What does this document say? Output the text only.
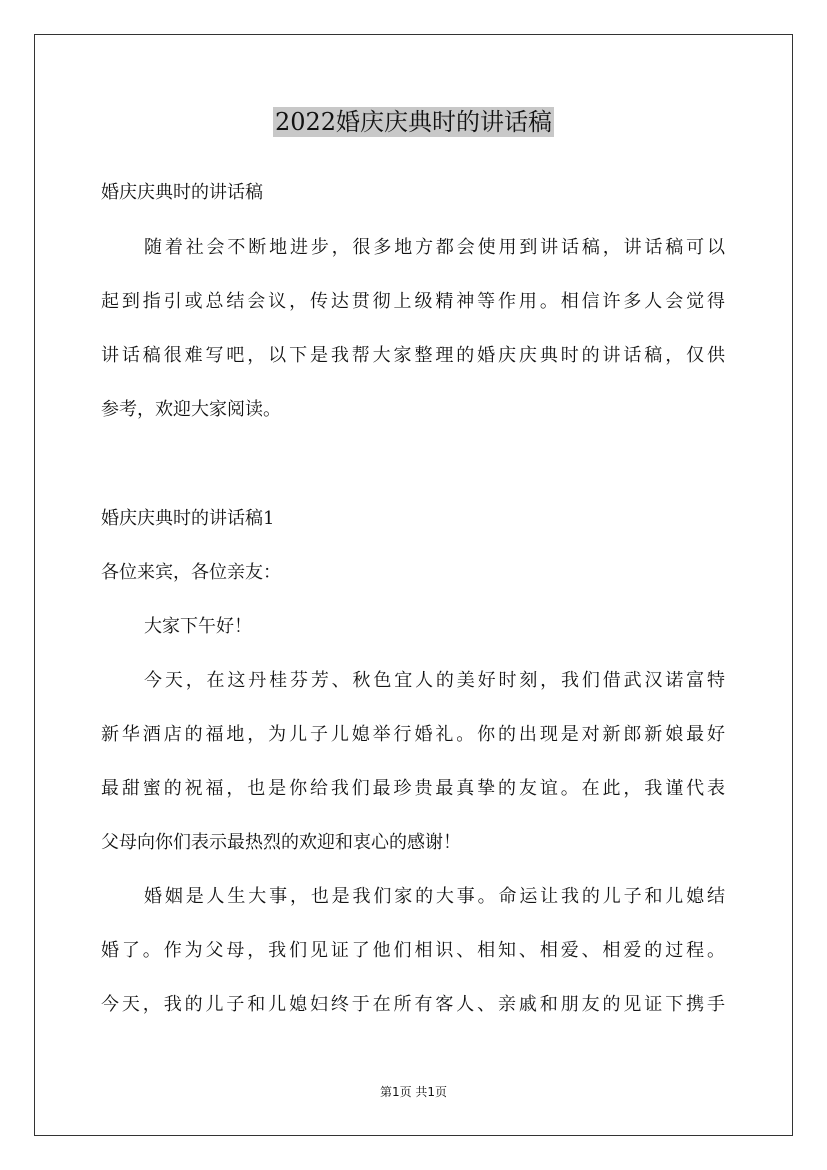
2022婚庆庆典时的讲话稿
婚庆庆典时的讲话稿
随着社会不断地进步，很多地方都会使用到讲话稿，讲话稿可以
起到指引或总结会议，传达贯彻上级精神等作用。相信许多人会觉得
讲话稿很难写吧，以下是我帮大家整理的婚庆庆典时的讲话稿，仅供
参考，欢迎大家阅读。
婚庆庆典时的讲话稿1
各位来宾，各位亲友：
大家下午好！
今天，在这丹桂芬芳、秋色宜人的美好时刻，我们借武汉诺富特
新华酒店的福地，为儿子儿媳举行婚礼。你的出现是对新郎新娘最好
最甜蜜的祝福，也是你给我们最珍贵最真挚的友谊。在此，我谨代表
父母向你们表示最热烈的欢迎和衷心的感谢！
婚姻是人生大事，也是我们家的大事。命运让我的儿子和儿媳结
婚了。作为父母，我们见证了他们相识、相知、相爱、相爱的过程。
今天，我的儿子和儿媳妇终于在所有客人、亲戚和朋友的见证下携手
第1页 共1页
